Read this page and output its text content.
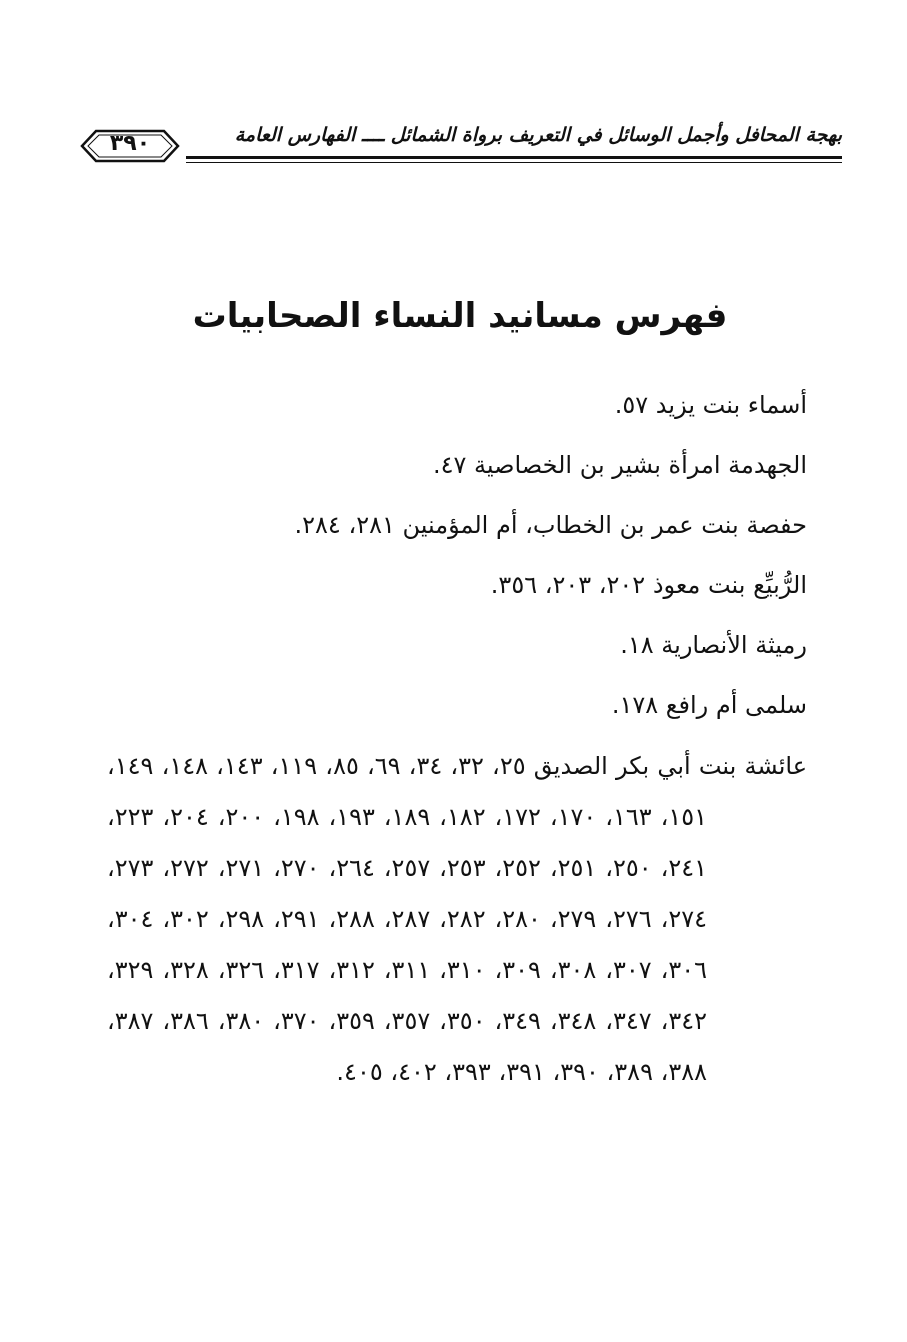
بهجة المحافل وأجمل الوسائل في التعريف برواة الشمائل ــــ الفهارس العامة
٣٩٠
فهرس مسانيد النساء الصحابيات
أسماء بنت يزيد ٥٧.
الجهدمة امرأة بشير بن الخصاصية ٤٧.
حفصة بنت عمر بن الخطاب، أم المؤمنين ٢٨١، ٢٨٤.
الرُّبيِّع بنت معوذ ٢٠٢، ٢٠٣، ٣٥٦.
رميثة الأنصارية ١٨.
سلمى أم رافع ١٧٨.
عائشة بنت أبي بكر الصديق ٢٥، ٣٢، ٣٤، ٦٩، ٨٥، ١١٩، ١٤٣، ١٤٨، ١٤٩، ١٥١، ١٦٣، ١٧٠، ١٧٢، ١٨٢، ١٨٩، ١٩٣، ١٩٨، ٢٠٠، ٢٠٤، ٢٢٣، ٢٤١، ٢٥٠، ٢٥١، ٢٥٢، ٢٥٣، ٢٥٧، ٢٦٤، ٢٧٠، ٢٧١، ٢٧٢، ٢٧٣، ٢٧٤، ٢٧٦، ٢٧٩، ٢٨٠، ٢٨٢، ٢٨٧، ٢٨٨، ٢٩١، ٢٩٨، ٣٠٢، ٣٠٤، ٣٠٦، ٣٠٧، ٣٠٨، ٣٠٩، ٣١٠، ٣١١، ٣١٢، ٣١٧، ٣٢٦، ٣٢٨، ٣٢٩، ٣٤٢، ٣٤٧، ٣٤٨، ٣٤٩، ٣٥٠، ٣٥٧، ٣٥٩، ٣٧٠، ٣٨٠، ٣٨٦، ٣٨٧، ٣٨٨، ٣٨٩، ٣٩٠، ٣٩١، ٣٩٣، ٤٠٢، ٤٠٥.
